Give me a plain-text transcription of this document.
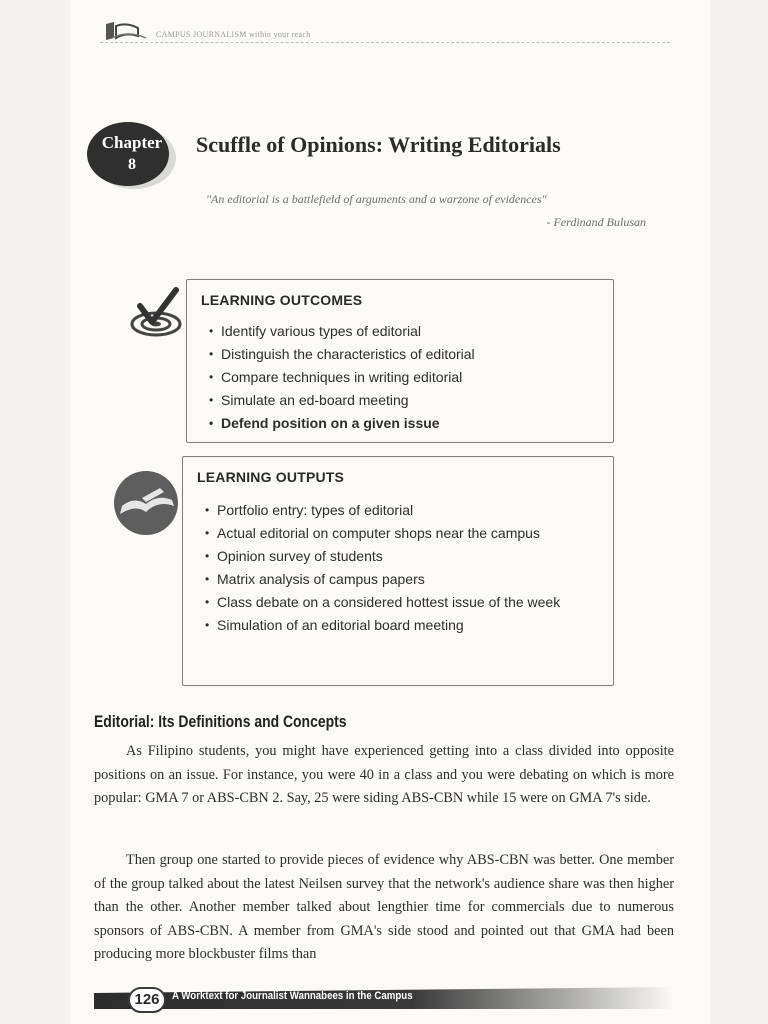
CAMPUS JOURNALISM within your reach
Chapter
8
Scuffle of Opinions: Writing Editorials
"An editorial is a battlefield of arguments and a warzone of evidences"
- Ferdinand Bulusan
LEARNING OUTCOMES
• Identify various types of editorial
• Distinguish the characteristics of editorial
• Compare techniques in writing editorial
• Simulate an ed-board meeting
• Defend position on a given issue
LEARNING OUTPUTS
• Portfolio entry: types of editorial
• Actual editorial on computer shops near the campus
• Opinion survey of students
• Matrix analysis of campus papers
• Class debate on a considered hottest issue of the week
• Simulation of an editorial board meeting
Editorial: Its Definitions and Concepts

As Filipino students, you might have experienced getting into a class divided into opposite positions on an issue. For instance, you were 40 in a class and you were debating on which is more popular: GMA 7 or ABS-CBN 2. Say, 25 were siding ABS-CBN while 15 were on GMA 7's side.

Then group one started to provide pieces of evidence why ABS-CBN was better. One member of the group talked about the latest Neilsen survey that the network's audience share was then higher than the other. Another member talked about lengthier time for commercials due to numerous sponsors of ABS-CBN. A member from GMA's side stood and pointed out that GMA had been producing more blockbuster films than

126	A Worktext for Journalist Wannabees in the Campus
